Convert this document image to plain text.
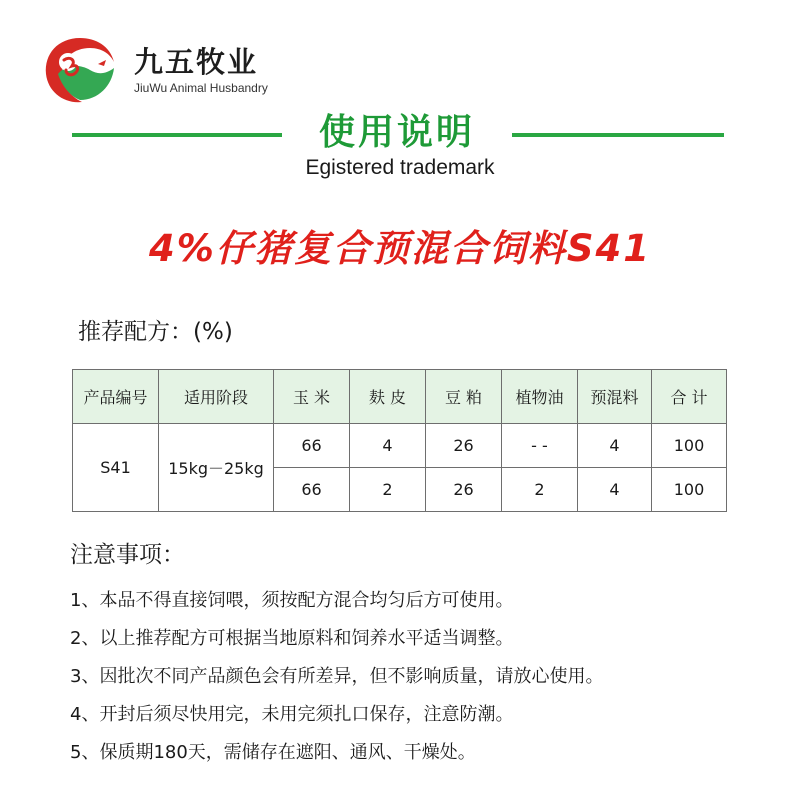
九五牧业
JiuWu Animal Husbandry
使用说明
Egistered trademark
4%仔猪复合预混合饲料S41
推荐配方：(%)
产品编号	适用阶段	玉 米	麸 皮	豆 粕	植物油	预混料	合 计
S41	15kg－25kg	66	4	26	- -	4	100
		66	2	26	2	4	100
注意事项：
1、本品不得直接饲喂，须按配方混合均匀后方可使用。
2、以上推荐配方可根据当地原料和饲养水平适当调整。
3、因批次不同产品颜色会有所差异，但不影响质量，请放心使用。
4、开封后须尽快用完，未用完须扎口保存，注意防潮。
5、保质期180天，需储存在遮阳、通风、干燥处。
